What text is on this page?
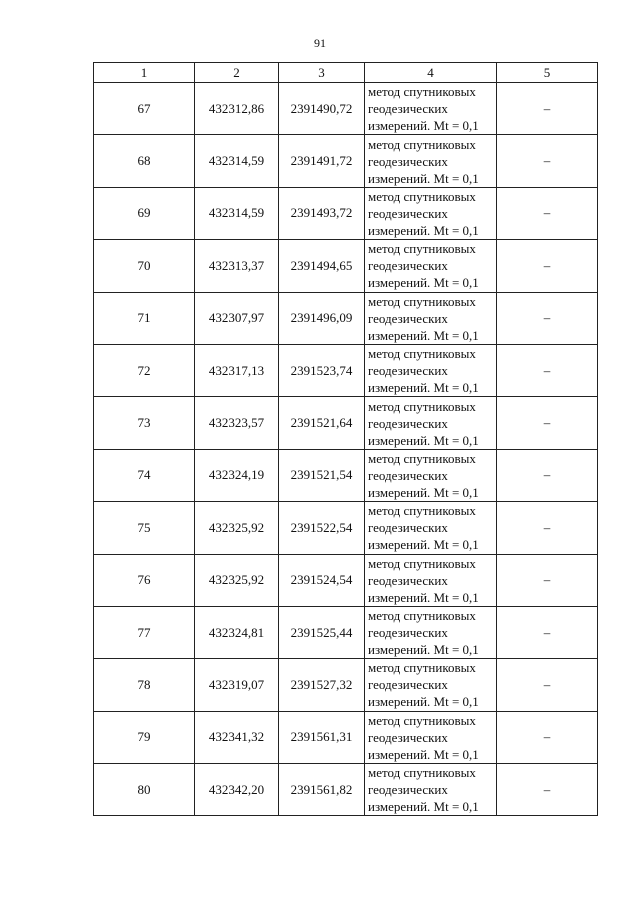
91
1	2	3	4	5
67	432312,86	2391490,72	метод спутниковых
геодезических
измерений. Mt = 0,1	–
68	432314,59	2391491,72	метод спутниковых
геодезических
измерений. Mt = 0,1	–
69	432314,59	2391493,72	метод спутниковых
геодезических
измерений. Mt = 0,1	–
70	432313,37	2391494,65	метод спутниковых
геодезических
измерений. Mt = 0,1	–
71	432307,97	2391496,09	метод спутниковых
геодезических
измерений. Mt = 0,1	–
72	432317,13	2391523,74	метод спутниковых
геодезических
измерений. Mt = 0,1	–
73	432323,57	2391521,64	метод спутниковых
геодезических
измерений. Mt = 0,1	–
74	432324,19	2391521,54	метод спутниковых
геодезических
измерений. Mt = 0,1	–
75	432325,92	2391522,54	метод спутниковых
геодезических
измерений. Mt = 0,1	–
76	432325,92	2391524,54	метод спутниковых
геодезических
измерений. Mt = 0,1	–
77	432324,81	2391525,44	метод спутниковых
геодезических
измерений. Mt = 0,1	–
78	432319,07	2391527,32	метод спутниковых
геодезических
измерений. Mt = 0,1	–
79	432341,32	2391561,31	метод спутниковых
геодезических
измерений. Mt = 0,1	–
80	432342,20	2391561,82	метод спутниковых
геодезических
измерений. Mt = 0,1	–
